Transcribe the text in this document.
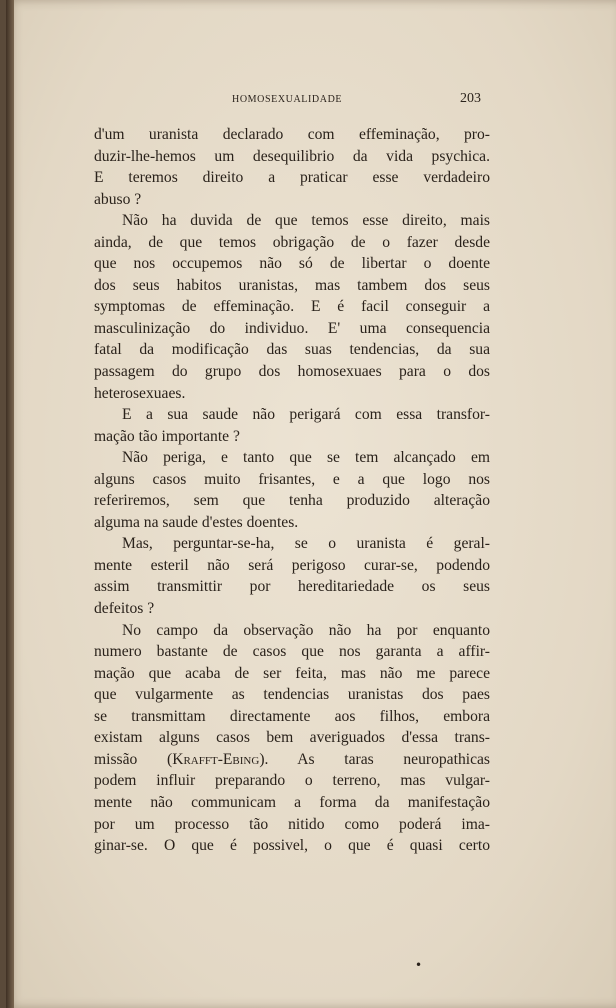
HOMOSEXUALIDADE	203
d'um uranista declarado com effeminação, pro-
duzir-lhe-hemos um desequilibrio da vida psychica.
E teremos direito a praticar esse verdadeiro
abuso ?
Não ha duvida de que temos esse direito, mais
ainda, de que temos obrigação de o fazer desde
que nos occupemos não só de libertar o doente
dos seus habitos uranistas, mas tambem dos seus
symptomas de effeminação. E é facil conseguir a
masculinização do individuo. E' uma consequencia
fatal da modificação das suas tendencias, da sua
passagem do grupo dos homosexuaes para o dos
heterosexuaes.
E a sua saude não perigará com essa transfor-
mação tão importante ?
Não periga, e tanto que se tem alcançado em
alguns casos muito frisantes, e a que logo nos
referiremos, sem que tenha produzido alteração
alguma na saude d'estes doentes.
Mas, perguntar-se-ha, se o uranista é geral-
mente esteril não será perigoso curar-se, podendo
assim transmittir por hereditariedade os seus
defeitos ?
No campo da observação não ha por enquanto
numero bastante de casos que nos garanta a affir-
mação que acaba de ser feita, mas não me parece
que vulgarmente as tendencias uranistas dos paes
se transmittam directamente aos filhos, embora
existam alguns casos bem averiguados d'essa trans-
missão (Krafft-Ebing). As taras neuropathicas
podem influir preparando o terreno, mas vulgar-
mente não communicam a forma da manifestação
por um processo tão nitido como poderá ima-
ginar-se. O que é possivel, o que é quasi certo
•
